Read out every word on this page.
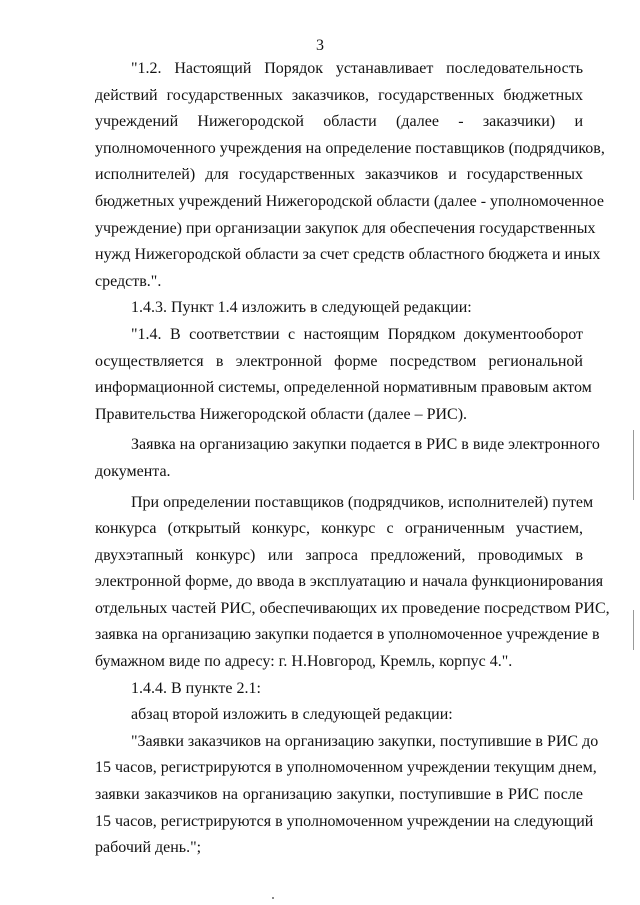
3
"1.2. Настоящий Порядок устанавливает последовательность
действий государственных заказчиков, государственных бюджетных
учреждений Нижегородской области (далее - заказчики) и
уполномоченного учреждения на определение поставщиков (подрядчиков,
исполнителей) для государственных заказчиков и государственных
бюджетных учреждений Нижегородской области (далее - уполномоченное
учреждение) при организации закупок для обеспечения государственных
нужд Нижегородской области за счет средств областного бюджета и иных
средств.".
1.4.3. Пункт 1.4 изложить в следующей редакции:
"1.4. В соответствии с настоящим Порядком документооборот
осуществляется в электронной форме посредством региональной
информационной системы, определенной нормативным правовым актом
Правительства Нижегородской области (далее – РИС).
Заявка на организацию закупки подается в РИС в виде электронного
документа.
При определении поставщиков (подрядчиков, исполнителей) путем
конкурса (открытый конкурс, конкурс с ограниченным участием,
двухэтапный конкурс) или запроса предложений, проводимых в
электронной форме, до ввода в эксплуатацию и начала функционирования
отдельных частей РИС, обеспечивающих их проведение посредством РИС,
заявка на организацию закупки подается в уполномоченное учреждение в
бумажном виде по адресу: г. Н.Новгород, Кремль, корпус 4.".
1.4.4. В пункте 2.1:
абзац второй изложить в следующей редакции:
"Заявки заказчиков на организацию закупки, поступившие в РИС до
15 часов, регистрируются в уполномоченном учреждении текущим днем,
заявки заказчиков на организацию закупки, поступившие в РИС после
15 часов, регистрируются в уполномоченном учреждении на следующий
рабочий день.";
